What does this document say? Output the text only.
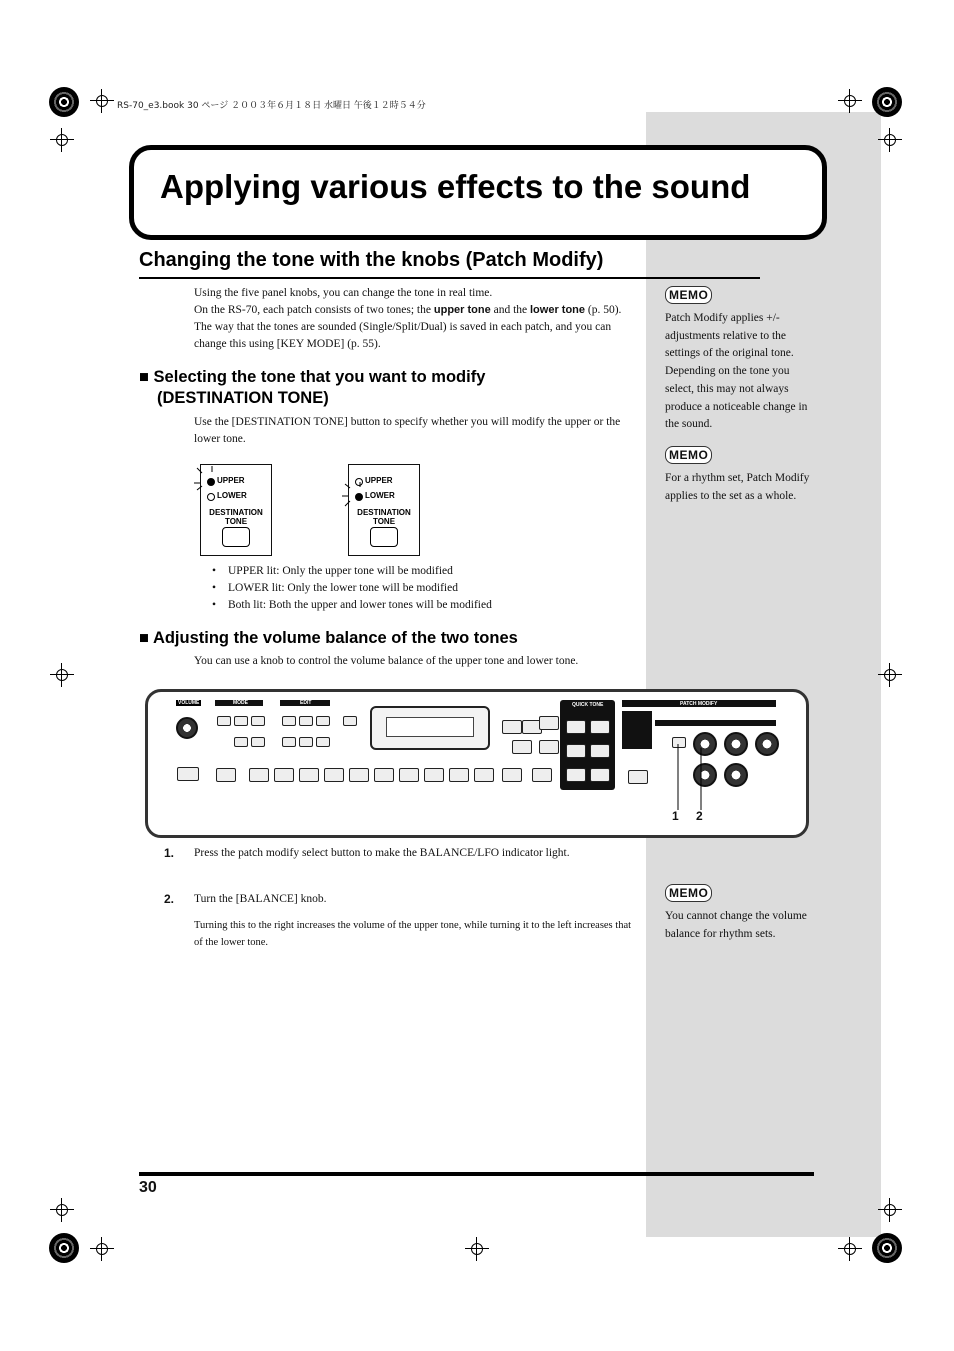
RS-70_e3.book 30 ページ ２００３年６月１８日 水曜日 午後１２時５４分
Applying various effects to the sound
Changing the tone with the knobs (Patch Modify)
Using the five panel knobs, you can change the tone in real time.
On the RS-70, each patch consists of two tones; the upper tone and the lower tone (p. 50). The way that the tones are sounded (Single/Split/Dual) is saved in each patch, and you can change this using [KEY MODE] (p. 55).
■ Selecting the tone that you want to modify
(DESTINATION TONE)
Use the [DESTINATION TONE] button to specify whether you will modify the upper or the lower tone.
UPPER
LOWER
DESTINATION
TONE
UPPER
LOWER
DESTINATION
TONE
• UPPER lit: Only the upper tone will be modified
• LOWER lit: Only the lower tone will be modified
• Both lit: Both the upper and lower tones will be modified
■ Adjusting the volume balance of the two tones
You can use a knob to control the volume balance of the upper tone and lower tone.
VOLUME	MODE	EDIT	QUICK TONE	PATCH MODIFY
1 2
1. Press the patch modify select button to make the BALANCE/LFO indicator light.
2. Turn the [BALANCE] knob.
Turning this to the right increases the volume of the upper tone, while turning it to the left increases that of the lower tone.
MEMO
Patch Modify applies +/- adjustments relative to the settings of the original tone. Depending on the tone you select, this may not always produce a noticeable change in the sound.
MEMO
For a rhythm set, Patch Modify applies to the set as a whole.
MEMO
You cannot change the volume balance for rhythm sets.
30
